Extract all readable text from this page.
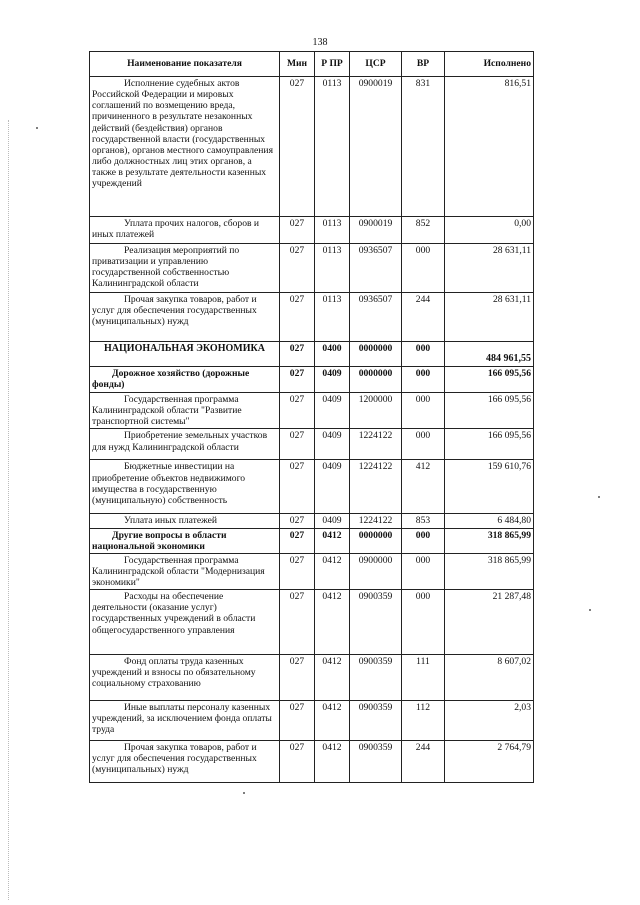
138
Наименование показателя	Мин	Р ПР	ЦСР	ВР	Исполнено
Исполнение судебных актов Российской Федерации и мировых соглашений по возмещению вреда, причиненного в результате незаконных действий (бездействия) органов государственной власти (государственных органов), органов местного самоуправления либо должностных лиц этих органов, а также в результате деятельности казенных учреждений	027	0113	0900019	831	816,51
Уплата прочих налогов, сборов и иных платежей	027	0113	0900019	852	0,00
Реализация мероприятий по приватизации и управлению государственной собственностью Калининградской области	027	0113	0936507	000	28 631,11
Прочая закупка товаров, работ и услуг для обеспечения государственных (муниципальных) нужд	027	0113	0936507	244	28 631,11
НАЦИОНАЛЬНАЯ ЭКОНОМИКА	027	0400	0000000	000	484 961,55
Дорожное хозяйство (дорожные фонды)	027	0409	0000000	000	166 095,56
Государственная программа Калининградской области "Развитие транспортной системы"	027	0409	1200000	000	166 095,56
Приобретение земельных участков для нужд Калининградской области	027	0409	1224122	000	166 095,56
Бюджетные инвестиции на приобретение объектов недвижимого имущества в государственную (муниципальную) собственность	027	0409	1224122	412	159 610,76
Уплата иных платежей	027	0409	1224122	853	6 484,80
Другие вопросы в области национальной экономики	027	0412	0000000	000	318 865,99
Государственная программа Калининградской области "Модернизация экономики"	027	0412	0900000	000	318 865,99
Расходы на обеспечение деятельности (оказание услуг) государственных учреждений в области общегосударственного управления	027	0412	0900359	000	21 287,48
Фонд оплаты труда казенных учреждений и взносы по обязательному социальному страхованию	027	0412	0900359	111	8 607,02
Иные выплаты персоналу казенных учреждений, за исключением фонда оплаты труда	027	0412	0900359	112	2,03
Прочая закупка товаров, работ и услуг для обеспечения государственных (муниципальных) нужд	027	0412	0900359	244	2 764,79
